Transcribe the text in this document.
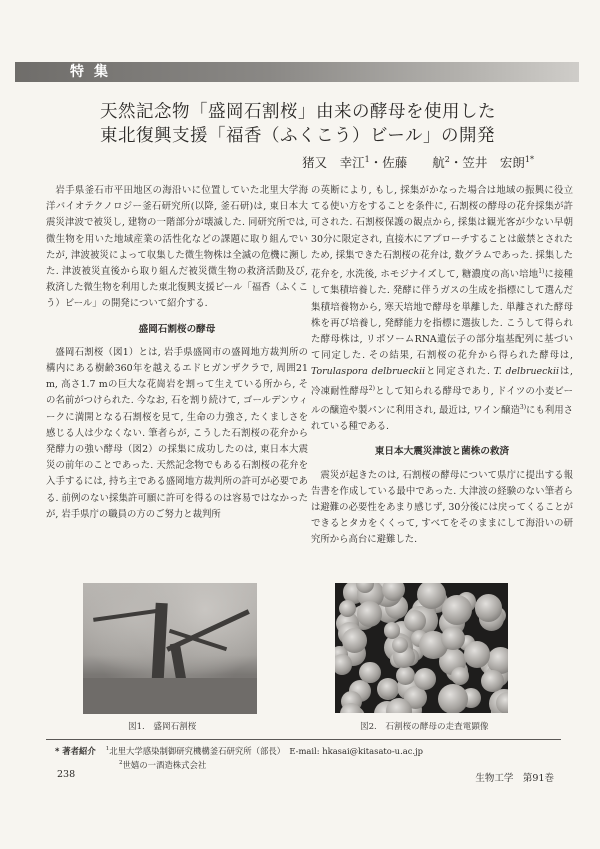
特集
天然記念物「盛岡石割桜」由来の酵母を使用した
東北復興支援「福香（ふくこう）ビール」の開発
猪又　幸江$^1$・佐藤　　航$^2$・笠井　宏朗$^{1*}$

岩手県釜石市平田地区の海沿いに位置していた北里大学海洋バイオテクノロジー釜石研究所(以降, 釜石研)は, 東日本大震災津波で被災し, 建物の一階部分が壊滅した. 同研究所では, 微生物を用いた地域産業の活性化などの課題に取り組んでいたが, 津波被災によって収集した微生物株は全滅の危機に瀕した. 津波被災直後から取り組んだ被災微生物の救済活動及び, 救済した微生物を利用した東北復興支援ビール「福香（ふくこう）ビール」の開発について紹介する.

盛岡石割桜の酵母

盛岡石割桜（図1）とは, 岩手県盛岡市の盛岡地方裁判所の構内にある樹齢360年を越えるエドヒガンザクラで, 周囲21 m, 高さ1.7 mの巨大な花崗岩を割って生えている所から, その名前がつけられた. 今なお, 石を割り続けて, ゴールデンウィークに満開となる石割桜を見て, 生命の力強さ, たくましさを感じる人は少なくない. 筆者らが, こうした石割桜の花弁から発酵力の強い酵母（図2）の採集に成功したのは, 東日本大震災の前年のことであった. 天然記念物でもある石割桜の花弁を入手するには, 持ち主である盛岡地方裁判所の許可が必要である. 前例のない採集許可願に許可を得るのは容易ではなかったが, 岩手県庁の職員の方のご努力と裁判所

の英断により, もし, 採集がかなった場合は地域の振興に役立てる使い方をすることを条件に, 石割桜の酵母の花弁採集が許可された. 石割桜保護の観点から, 採集は観光客が少ない早朝30分に限定され, 直接木にアプローチすることは厳禁とされたため, 採集できた石割桜の花弁は, 数グラムであった. 採集した花弁を, 水洗後, ホモジナイズして, 糖濃度の高い培地$^{1)}$に接種して集積培養した. 発酵に伴うガスの生成を指標にして選んだ集積培養物から, 寒天培地で酵母を単離した. 単離された酵母株を再び培養し, 発酵能力を指標に選抜した. こうして得られた酵母株は, リボソームRNA遺伝子の部分塩基配列に基づいて同定した. その結果, 石割桜の花弁から得られた酵母は, Torulaspora delbrueckiiと同定された. T. delbrueckiiは, 冷凍耐性酵母$^{2)}$として知られる酵母であり, ドイツの小麦ビールの醸造や製パンに利用され, 最近は, ワイン醸造$^{3)}$にも利用されている種である.

東日本大震災津波と菌株の救済

震災が起きたのは, 石割桜の酵母について県庁に提出する報告書を作成している最中であった. 大津波の経験のない筆者らは避難の必要性をあまり感じず, 30分後には戻ってくることができるとタカをくくって, すべてをそのままにして海沿いの研究所から高台に避難した.

図1.　盛岡石割桜	図2.　石割桜の酵母の走査電顕像
* 著者紹介 $^1$北里大学感染制御研究機構釜石研究所（部長）　E-mail: hkasai@kitasato-u.ac.jp
$^2$世嬉の一酒造株式会社
238	生物工学　第91巻
